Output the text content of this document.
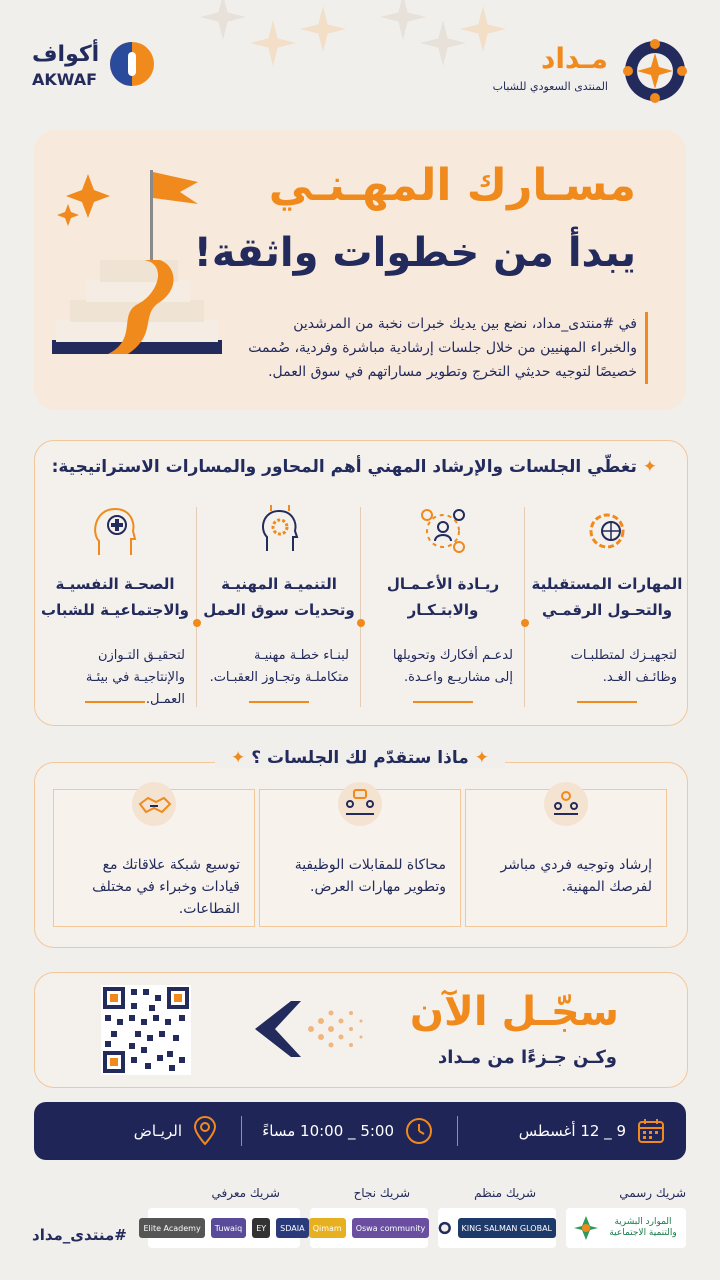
مـداد
المنتدى السعودي للشباب
أكواف
AKWAF
مسـارك المهـنـي
يبدأ من خطوات واثقة!
في #منتدى_مداد، نضع بين يديك خبرات نخبة من المرشدين والخبراء المهنيين من خلال جلسات إرشادية مباشرة وفردية، صُممت خصيصًا لتوجيه حديثي التخرج وتطوير مساراتهم في سوق العمل.
✦ تغطّي الجلسات والإرشاد المهني أهم المحاور والمسارات الاستراتيجية:
المهارات المستقبلية والتحـول الرقمـي
لتجهيـزك لمتطلبـات وظائـف الغـد.
ريـادة الأعـمـال والابتـكـار
لدعـم أفكارك وتحويلها إلى مشاريـع واعـدة.
التنميـة المهنيـة وتحديات سوق العمل
لبنـاء خطـة مهنيـة متكاملـة وتجـاوز العقبـات.
الصحـة النفسيـة والاجتماعيـة للشباب
لتحقيـق التـوازن والإنتاجيـة في بيئـة العمـل.
إرشاد وتوجيه فردي مباشر لفرصك المهنية.
محاكاة للمقابلات الوظيفية وتطوير مهارات العرض.
توسيع شبكة علاقاتك مع قيادات وخبراء في مختلف القطاعات.
✦ ماذا ستقدّم لك الجلسات ؟ ✦
سجّـل الآن
وكـن جـزءًا من مـداد
9 _ 12 أغسطس
5:00 _ 10:00 مساءً
الريـاض
شريك رسمي
الموارد البشرية والتنمية الاجتماعية
شريك منظم
KING SALMAN GLOBAL
شريك نجاح
Oswa community
Qimam
شريك معرفي
SDAIA
EY
Tuwaiq
Elite Academy
#منتدى_مداد
